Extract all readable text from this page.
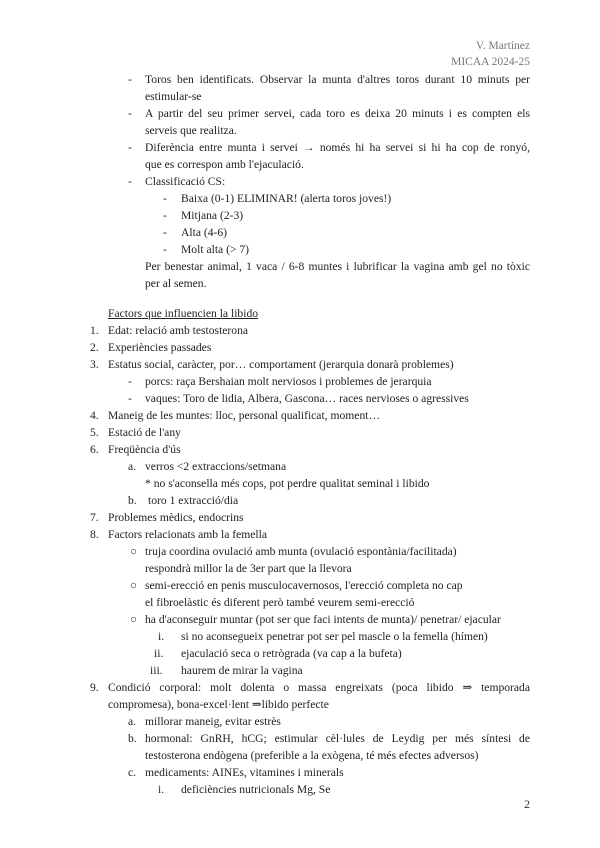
V. Martínez
MICAA 2024-25
- Toros ben identificats. Observar la munta d'altres toros durant 10 minuts per
estimular-se
- A partir del seu primer servei, cada toro es deixa 20 minuts i es compten els
serveis que realitza.
- Diferència entre munta i servei → només hi ha servei si hi ha cop de ronyó,
que es correspon amb l'ejaculació.
- Classificació CS:
- Baixa (0-1) ELIMINAR! (alerta toros joves!)
- Mitjana (2-3)
- Alta (4-6)
- Molt alta (> 7)
Per benestar animal, 1 vaca / 6-8 muntes i lubrificar la vagina amb gel no tòxic
per al semen.
Factors que influencien la libido
1. Edat: relació amb testosterona
2. Experiències passades
3. Estatus social, caràcter, por… comportament (jerarquia donarà problemes)
- porcs: raça Bershaian molt nerviosos i problemes de jerarquia
- vaques: Toro de lidia, Albera, Gascona… races nervioses o agressives
4. Maneig de les muntes: lloc, personal qualificat, moment…
5. Estació de l'any
6. Freqüència d'ús
a. verros <2 extraccions/setmana
* no s'aconsella més cops, pot perdre qualitat seminal i libido
b. toro 1 extracció/dia
7. Problemes mèdics, endocrins
8. Factors relacionats amb la femella
○ truja coordina ovulació amb munta (ovulació espontània/facilitada)
respondrà millor la de 3er part que la llevora
○ semi-erecció en penis musculocavernosos, l'erecció completa no cap
el fibroelàstic és diferent però també veurem semi-erecció
○ ha d'aconseguir muntar (pot ser que faci intents de munta)/ penetrar/ ejacular
i. si no aconsegueix penetrar pot ser pel mascle o la femella (hímen)
ii. ejaculació seca o retrògrada (va cap a la bufeta)
iii. haurem de mirar la vagina
9. Condició corporal: molt dolenta o massa engreixats (poca libido ⇒ temporada
compromesa), bona-excel·lent ⇒libido perfecte
a. millorar maneig, evitar estrès
b. hormonal: GnRH, hCG; estimular cèl·lules de Leydig per més síntesi de
testosterona endògena (preferible a la exògena, té més efectes adversos)
c. medicaments: AINEs, vitamines i minerals
i. deficiències nutricionals Mg, Se
2
